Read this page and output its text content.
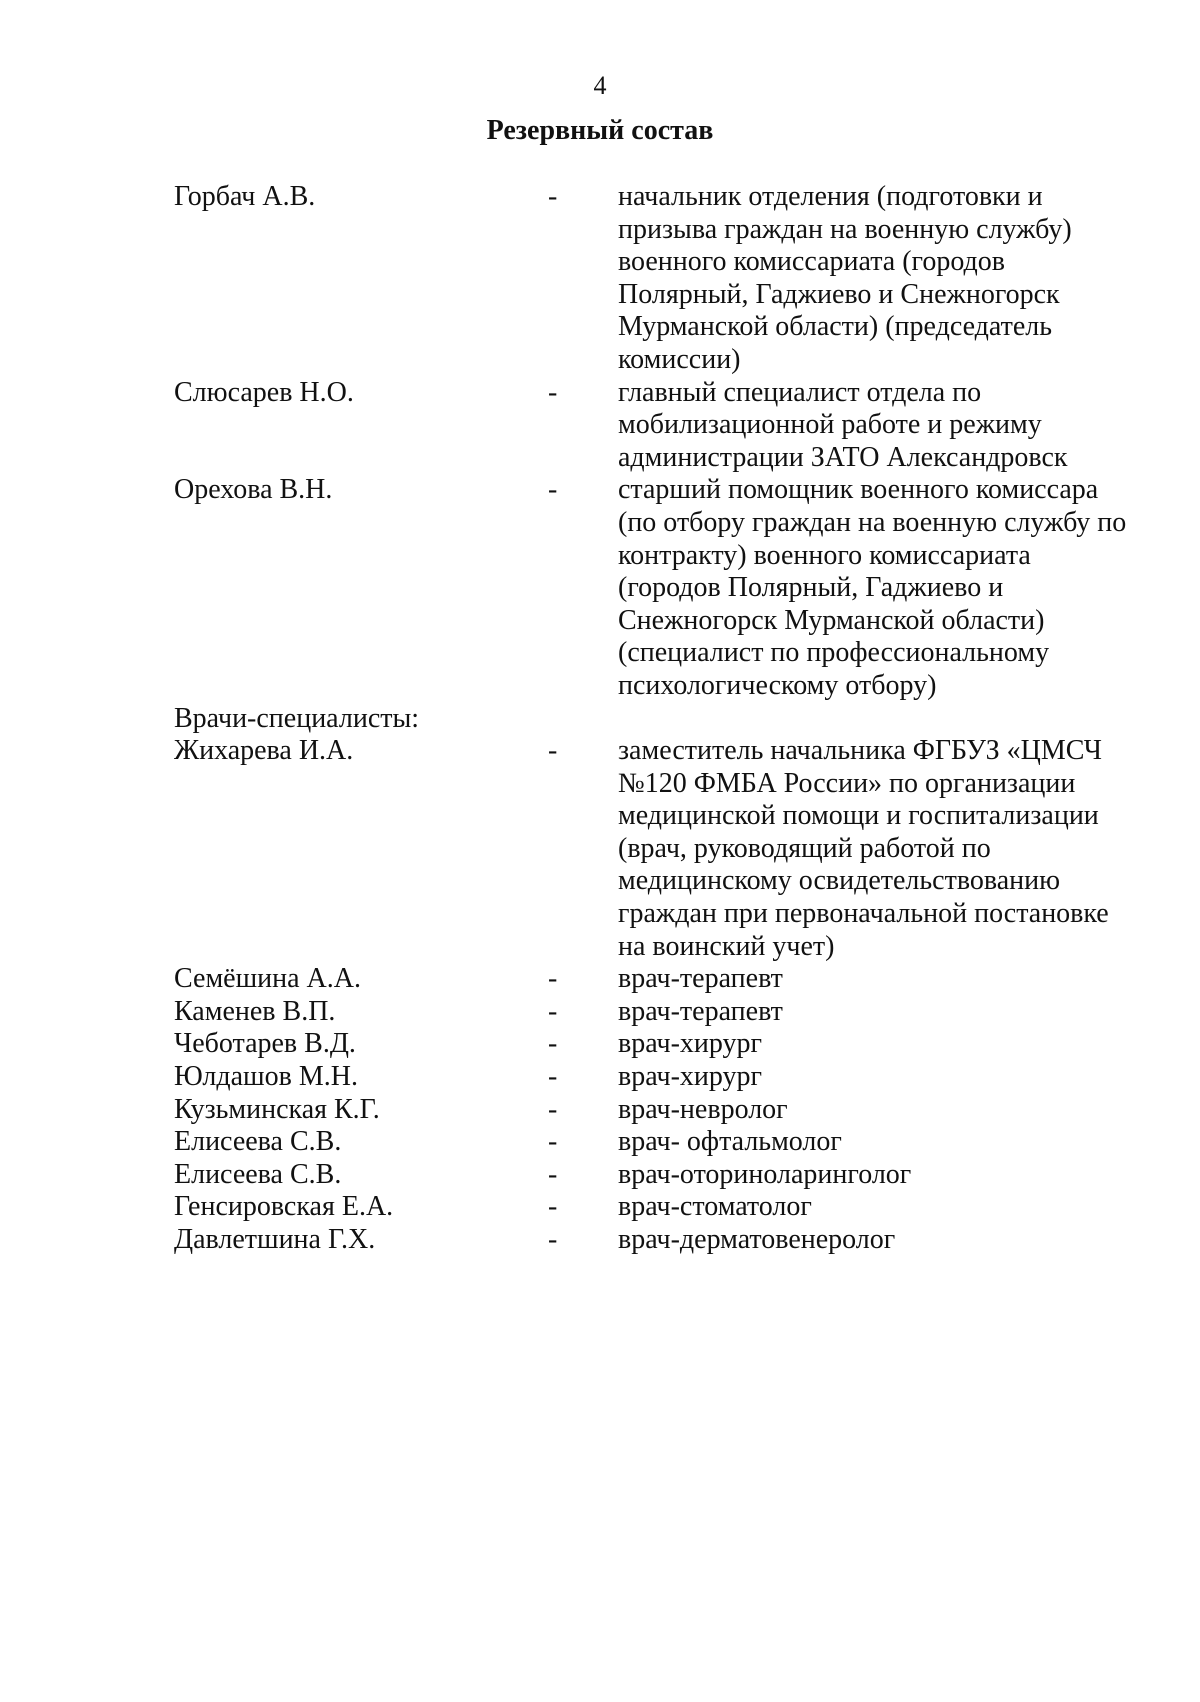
4
Резервный состав
Горбач А.В.	-	начальник отделения (подготовки и призыва граждан на военную службу) военного комиссариата (городов Полярный, Гаджиево и Снежногорск Мурманской области) (председатель комиссии)
Слюсарев Н.О.	-	главный специалист отдела по мобилизационной работе и режиму администрации ЗАТО Александровск
Орехова В.Н.	-	старший помощник военного комиссара (по отбору граждан на военную службу по контракту) военного комиссариата (городов Полярный, Гаджиево и Снежногорск Мурманской области) (специалист по профессиональному психологическому отбору)
Врачи-специалисты:
Жихарева И.А.	-	заместитель начальника ФГБУЗ «ЦМСЧ №120 ФМБА России» по организации медицинской помощи и госпитализации (врач, руководящий работой по медицинскому освидетельствованию граждан при первоначальной постановке на воинский учет)
Семёшина А.А.	-	врач-терапевт
Каменев В.П.	-	врач-терапевт
Чеботарев В.Д.	-	врач-хирург
Юлдашов М.Н.	-	врач-хирург
Кузьминская К.Г.	-	врач-невролог
Елисеева С.В.	-	врач- офтальмолог
Елисеева С.В.	-	врач-оториноларинголог
Генсировская Е.А.	-	врач-стоматолог
Давлетшина Г.Х.	-	врач-дерматовенеролог
